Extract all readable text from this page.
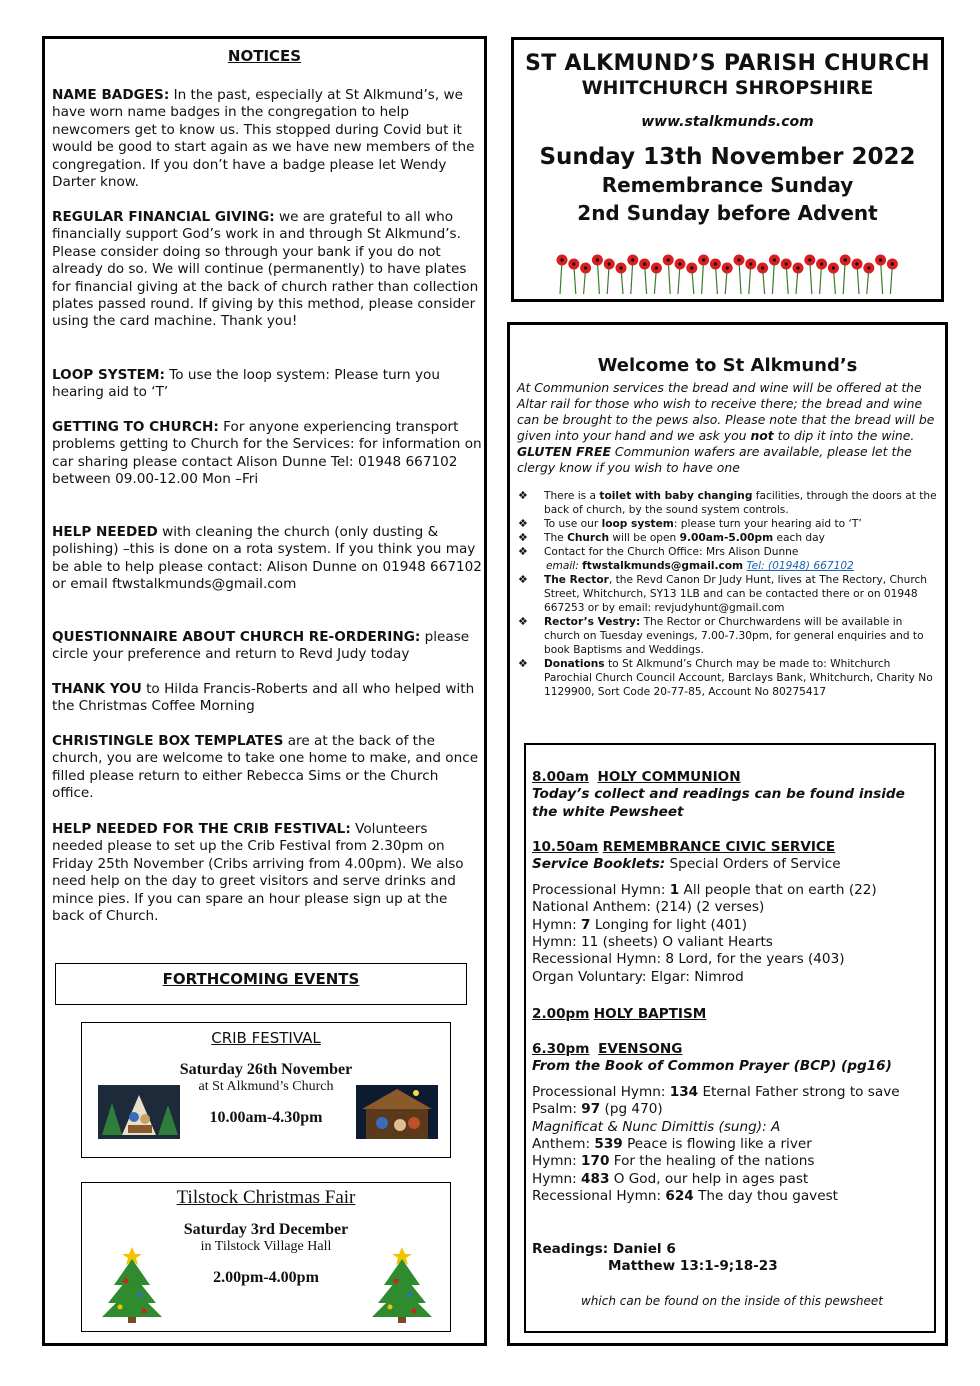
NOTICES
NAME BADGES: In the past, especially at St Alkmund’s, we have worn name badges in the congregation to help newcomers get to know us. This stopped during Covid but it would be good to start again as we have new members of the congregation. If you don’t have a badge please let Wendy Darter know.
REGULAR FINANCIAL GIVING: we are grateful to all who financially support God’s work in and through St Alkmund’s. Please consider doing so through your bank if you do not already do so. We will continue (permanently) to have plates for financial giving at the back of church rather than collection plates passed round. If giving by this method, please consider using the card machine. Thank you!
LOOP SYSTEM: To use the loop system: Please turn you hearing aid to ‘T’
GETTING TO CHURCH: For anyone experiencing transport problems getting to Church for the Services: for information on car sharing please contact Alison Dunne Tel: 01948 667102 between 09.00-12.00 Mon –Fri
HELP NEEDED with cleaning the church (only dusting & polishing) –this is done on a rota system. If you think you may be able to help please contact: Alison Dunne on 01948 667102 or email ftwstalkmunds@gmail.com
QUESTIONNAIRE ABOUT CHURCH RE-ORDERING: please circle your preference and return to Revd Judy today
THANK YOU to Hilda Francis-Roberts and all who helped with the Christmas Coffee Morning
CHRISTINGLE BOX TEMPLATES are at the back of the church, you are welcome to take one home to make, and once filled please return to either Rebecca Sims or the Church office.
HELP NEEDED FOR THE CRIB FESTIVAL: Volunteers needed please to set up the Crib Festival from 2.30pm on Friday 25th November (Cribs arriving from 4.00pm). We also need help on the day to greet visitors and serve drinks and mince pies. If you can spare an hour please sign up at the back of Church.
FORTHCOMING EVENTS
CRIB FESTIVAL
Saturday 26th November
at St Alkmund’s Church
10.00am-4.30pm
Tilstock Christmas Fair
Saturday 3rd December
in Tilstock Village Hall
2.00pm-4.00pm
ST ALKMUND’S PARISH CHURCH
WHITCHURCH SHROPSHIRE
www.stalkmunds.com
Sunday 13th November 2022
Remembrance Sunday
2nd Sunday before Advent
Welcome to St Alkmund’s
At Communion services the bread and wine will be offered at the Altar rail for those who wish to receive there; the bread and wine can be brought to the pews also. Please note that the bread will be given into your hand and we ask you not to dip it into the wine. GLUTEN FREE Communion wafers are available, please let the clergy know if you wish to have one
❖ There is a toilet with baby changing facilities, through the doors at the back of church, by the sound system controls.
❖ To use our loop system: please turn your hearing aid to ‘T’
❖ The Church will be open 9.00am-5.00pm each day
❖ Contact for the Church Office: Mrs Alison Dunne
email: ftwstalkmunds@gmail.com Tel: (01948) 667102
❖ The Rector, the Revd Canon Dr Judy Hunt, lives at The Rectory, Church Street, Whitchurch, SY13 1LB and can be contacted there or on 01948 667253 or by email: revjudyhunt@gmail.com
❖ Rector’s Vestry: The Rector or Churchwardens will be available in church on Tuesday evenings, 7.00-7.30pm, for general enquiries and to book Baptisms and Weddings.
❖ Donations to St Alkmund’s Church may be made to: Whitchurch Parochial Church Council Account, Barclays Bank, Whitchurch, Charity No 1129900, Sort Code 20-77-85, Account No 80275417
8.00am HOLY COMMUNION
Today’s collect and readings can be found inside the white Pewsheet
10.50am REMEMBRANCE CIVIC SERVICE
Service Booklets: Special Orders of Service
Processional Hymn: 1 All people that on earth (22)
National Anthem: (214) (2 verses)
Hymn: 7 Longing for light (401)
Hymn: 11 (sheets) O valiant Hearts
Recessional Hymn: 8 Lord, for the years (403)
Organ Voluntary: Elgar: Nimrod
2.00pm HOLY BAPTISM
6.30pm EVENSONG
From the Book of Common Prayer (BCP) (pg16)
Processional Hymn: 134 Eternal Father strong to save
Psalm: 97 (pg 470)
Magnificat & Nunc Dimittis (sung): A
Anthem: 539 Peace is flowing like a river
Hymn: 170 For the healing of the nations
Hymn: 483 O God, our help in ages past
Recessional Hymn: 624 The day thou gavest
Readings: Daniel 6
Matthew 13:1-9;18-23
which can be found on the inside of this pewsheet
